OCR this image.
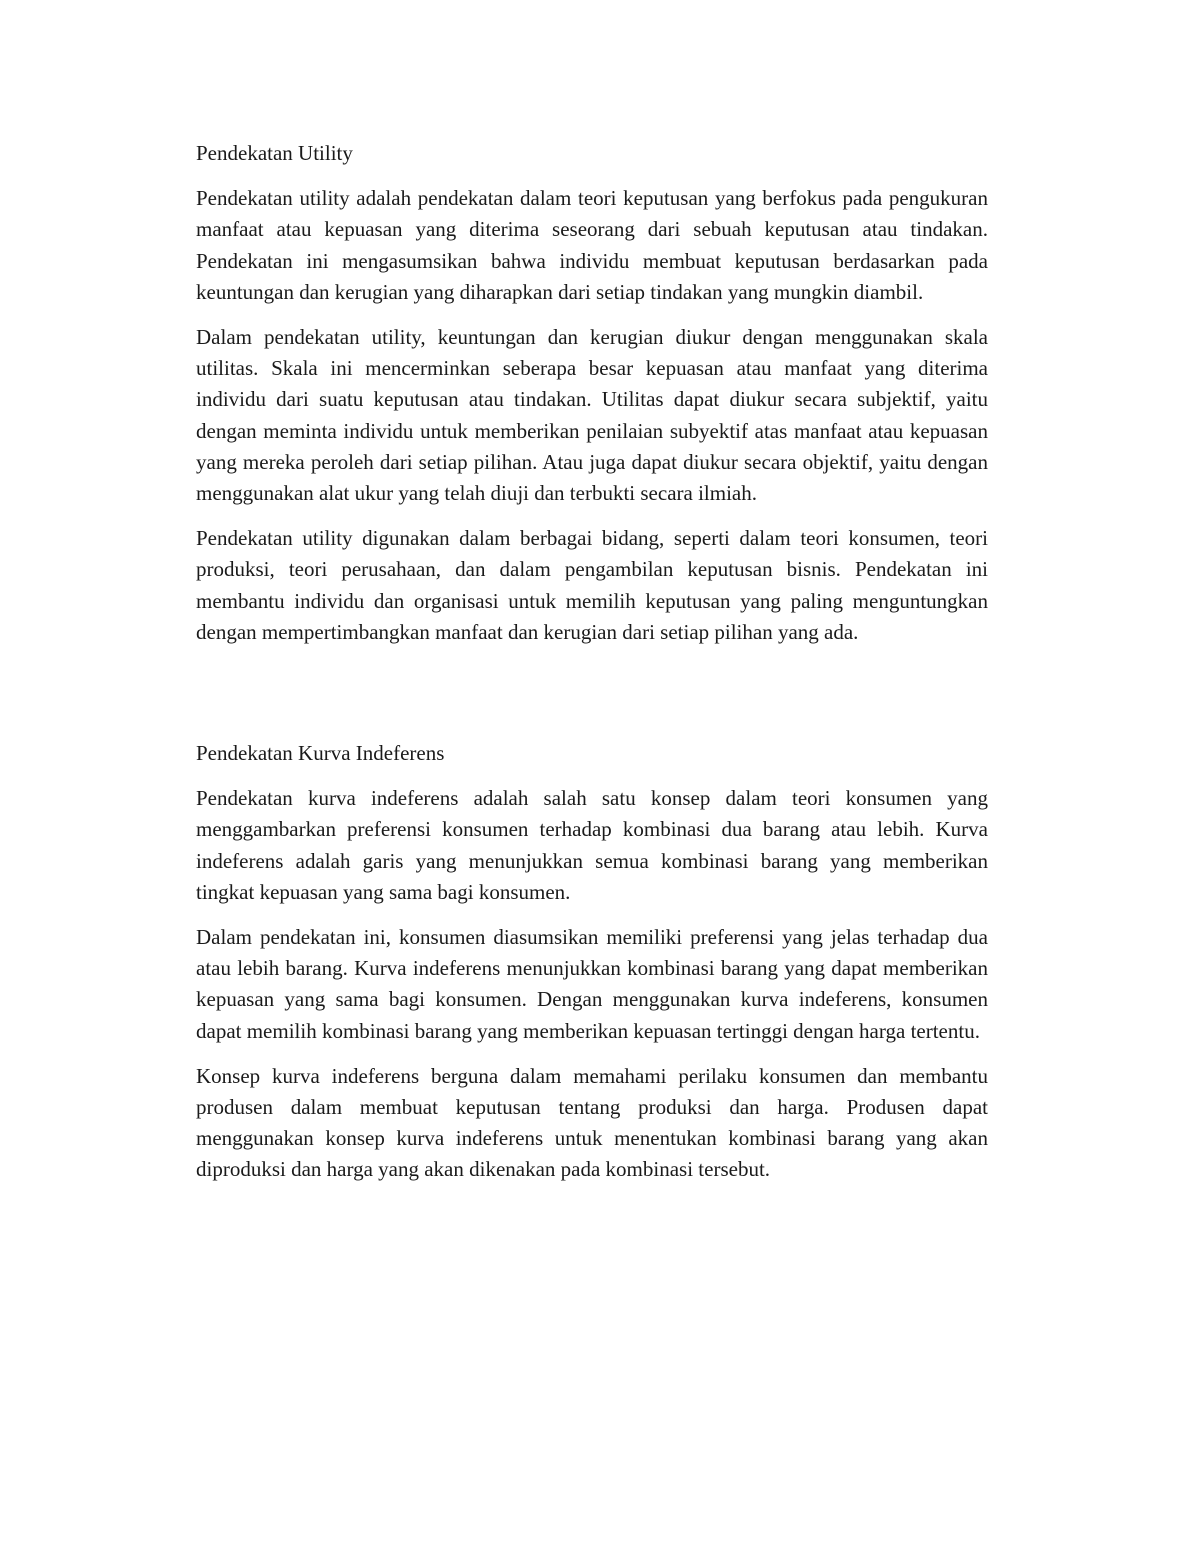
Pendekatan Utility

Pendekatan utility adalah pendekatan dalam teori keputusan yang berfokus pada pengukuran manfaat atau kepuasan yang diterima seseorang dari sebuah keputusan atau tindakan. Pendekatan ini mengasumsikan bahwa individu membuat keputusan berdasarkan pada keuntungan dan kerugian yang diharapkan dari setiap tindakan yang mungkin diambil.

Dalam pendekatan utility, keuntungan dan kerugian diukur dengan menggunakan skala utilitas. Skala ini mencerminkan seberapa besar kepuasan atau manfaat yang diterima individu dari suatu keputusan atau tindakan. Utilitas dapat diukur secara subjektif, yaitu dengan meminta individu untuk memberikan penilaian subyektif atas manfaat atau kepuasan yang mereka peroleh dari setiap pilihan. Atau juga dapat diukur secara objektif, yaitu dengan menggunakan alat ukur yang telah diuji dan terbukti secara ilmiah.

Pendekatan utility digunakan dalam berbagai bidang, seperti dalam teori konsumen, teori produksi, teori perusahaan, dan dalam pengambilan keputusan bisnis. Pendekatan ini membantu individu dan organisasi untuk memilih keputusan yang paling menguntungkan dengan mempertimbangkan manfaat dan kerugian dari setiap pilihan yang ada.

Pendekatan Kurva Indeferens

Pendekatan kurva indeferens adalah salah satu konsep dalam teori konsumen yang menggambarkan preferensi konsumen terhadap kombinasi dua barang atau lebih. Kurva indeferens adalah garis yang menunjukkan semua kombinasi barang yang memberikan tingkat kepuasan yang sama bagi konsumen.

Dalam pendekatan ini, konsumen diasumsikan memiliki preferensi yang jelas terhadap dua atau lebih barang. Kurva indeferens menunjukkan kombinasi barang yang dapat memberikan kepuasan yang sama bagi konsumen. Dengan menggunakan kurva indeferens, konsumen dapat memilih kombinasi barang yang memberikan kepuasan tertinggi dengan harga tertentu.

Konsep kurva indeferens berguna dalam memahami perilaku konsumen dan membantu produsen dalam membuat keputusan tentang produksi dan harga. Produsen dapat menggunakan konsep kurva indeferens untuk menentukan kombinasi barang yang akan diproduksi dan harga yang akan dikenakan pada kombinasi tersebut.
